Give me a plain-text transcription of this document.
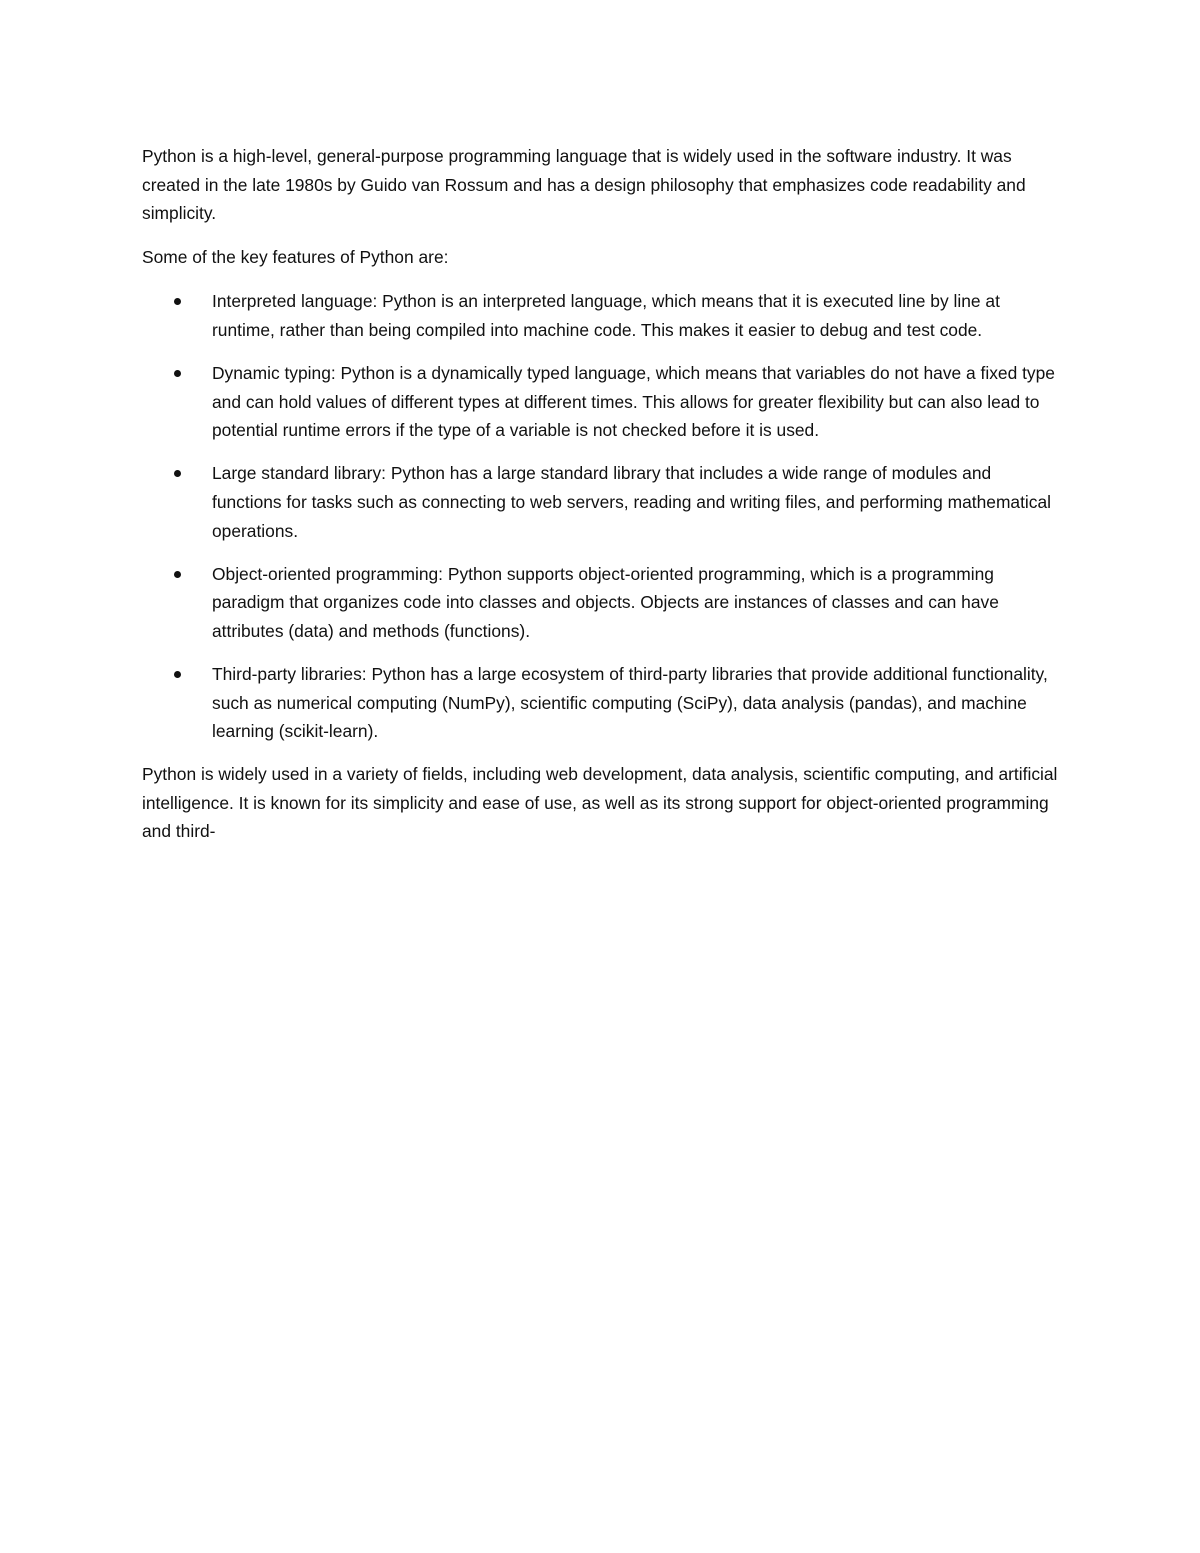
Python is a high-level, general-purpose programming language that is widely used in the software industry. It was created in the late 1980s by Guido van Rossum and has a design philosophy that emphasizes code readability and simplicity.

Some of the key features of Python are:

Interpreted language: Python is an interpreted language, which means that it is executed line by line at runtime, rather than being compiled into machine code. This makes it easier to debug and test code.
Dynamic typing: Python is a dynamically typed language, which means that variables do not have a fixed type and can hold values of different types at different times. This allows for greater flexibility but can also lead to potential runtime errors if the type of a variable is not checked before it is used.
Large standard library: Python has a large standard library that includes a wide range of modules and functions for tasks such as connecting to web servers, reading and writing files, and performing mathematical operations.
Object-oriented programming: Python supports object-oriented programming, which is a programming paradigm that organizes code into classes and objects. Objects are instances of classes and can have attributes (data) and methods (functions).
Third-party libraries: Python has a large ecosystem of third-party libraries that provide additional functionality, such as numerical computing (NumPy), scientific computing (SciPy), data analysis (pandas), and machine learning (scikit-learn).

Python is widely used in a variety of fields, including web development, data analysis, scientific computing, and artificial intelligence. It is known for its simplicity and ease of use, as well as its strong support for object-oriented programming and third-
